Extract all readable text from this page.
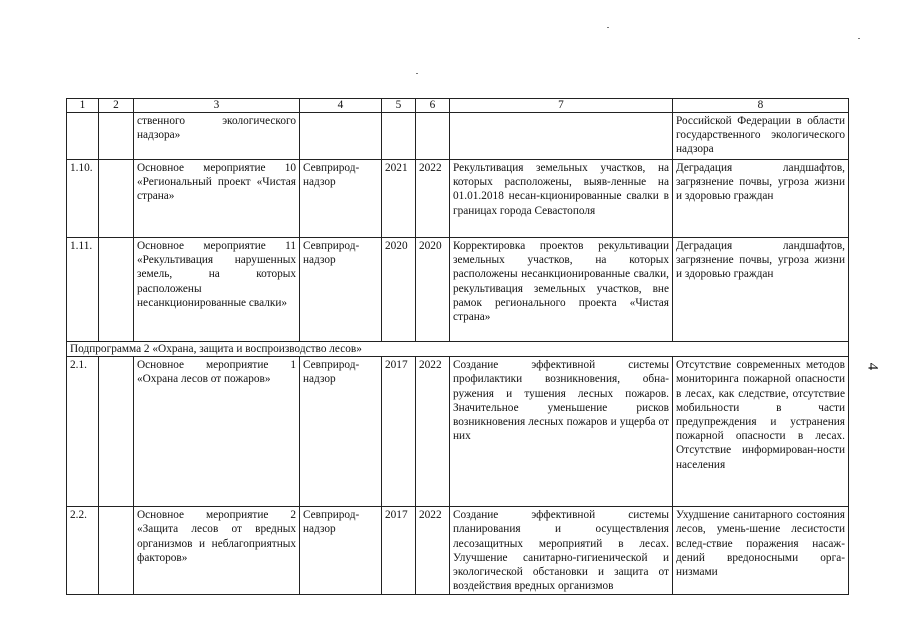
1	2	3	4	5	6	7	8
		ственного экологического надзора»					Российской Федерации в области государственного экологического надзора
1.10.		Основное мероприятие 10 «Региональный проект «Чистая страна»	Севприрод-надзор	2021	2022	Рекультивация земельных участков, на которых расположены, выяв-ленные на 01.01.2018 несан-кционированные свалки в границах города Севастополя	Деградация ландшафтов, загрязнение почвы, угроза жизни и здоровью граждан
1.11.		Основное мероприятие 11 «Рекультивация нарушенных земель, на которых расположены несанкционированные свалки»	Севприрод-надзор	2020	2020	Корректировка проектов рекультивации земельных участков, на которых расположены несанкционированные свалки, рекультивация земельных участков, вне рамок регионального проекта «Чистая страна»	Деградация ландшафтов, загрязнение почвы, угроза жизни и здоровью граждан
Подпрограмма 2 «Охрана, защита и воспроизводство лесов»							
2.1.		Основное мероприятие 1 «Охрана лесов от пожаров»	Севприрод-надзор	2017	2022	Создание эффективной системы профилактики возникновения, обна-ружения и тушения лесных пожаров. Значительное уменьшение рисков возникновения лесных пожаров и ущерба от них	Отсутствие современных методов мониторинга пожарной опасности в лесах, как следствие, отсутствие мобильности в части предупреждения и устранения пожарной опасности в лесах. Отсутствие информирован-ности населения
2.2.		Основное мероприятие 2 «Защита лесов от вредных организмов и неблагоприятных факторов»	Севприрод-надзор	2017	2022	Создание эффективной системы планирования и осуществления лесозащитных мероприятий в лесах. Улучшение санитарно-гигиенической и экологической обстановки и защита от воздействия вредных организмов	Ухудшение санитарного состояния лесов, умень-шение лесистости вслед-ствие поражения насаж-дений вредоносными орга-низмами
4
